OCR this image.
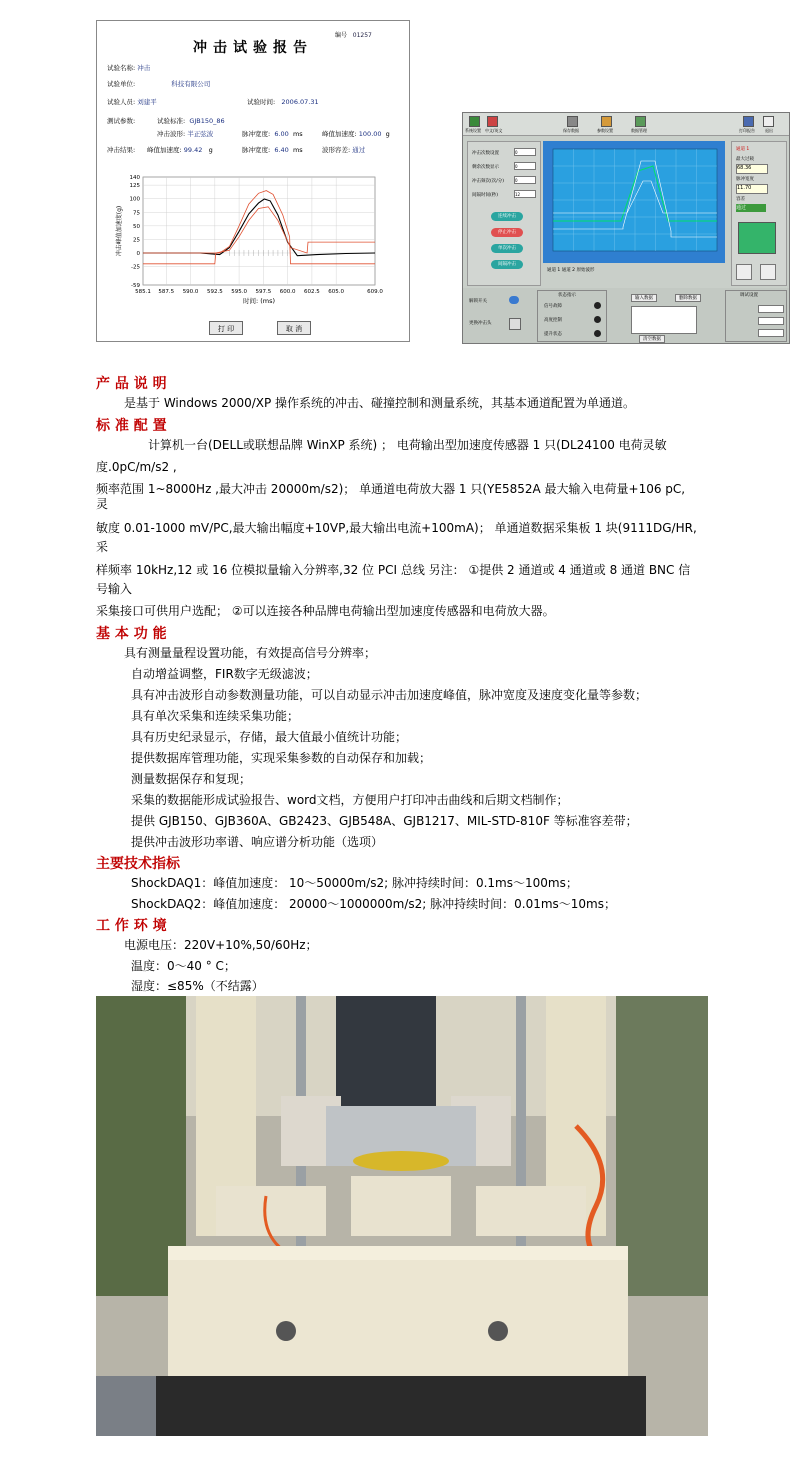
冲击试验报告
编号 01257
试验名称: 冲击
试验单位:	科技有限公司
试验人员: 刘建平	试验时间: 2006.07.31
测试参数:	试验标准: GJB150_86
冲击波形: 半正弦波	脉冲宽度: 6.00 ms	峰值加速度: 100.00 g
冲击结果: 峰值加速度: 99.42 g	脉冲宽度: 6.40 ms	波形容差: 通过
140
125
100
75
50
25
0
-25
-59
585.1 587.5 590.0 592.5 595.0 597.5 600.0 602.5 605.0	609.0
时间: (ms)
冲击峰值加速度(g)
打 印	取 消
系统设置 中文/英文	保存数据	参数设置	数据管理	打印报告	退出
冲击次数设置	0
剩余次数显示	0
冲击频次(次/分)	0
间隔时间(秒)	12
连续冲击
停止冲击
单次冲击
间隔冲击
通道 1 通道 2 原始波形
通道 1
最大过载
68.36
脉冲宽度
11.70
容差
通过
解锁开关
更换冲击头
状态指示
信号故障
高度控制
提升状态
输入数据	删除数据
清空数据
调试设置
产 品 说 明
是基于 Windows 2000/XP 操作系统的冲击、碰撞控制和测量系统，其基本通道配置为单通道。
标 准 配 置
计算机一台(DELL或联想品牌 WinXP 系统) ； 电荷输出型加速度传感器 1 只(DL24100 电荷灵敏
度.0pC/m/s2 ,
频率范围 1~8000Hz ,最大冲击 20000m/s2)； 单通道电荷放大器 1 只(YE5852A 最大输入电荷量+106 pC,
灵
敏度 0.01-1000 mV/PC,最大输出幅度+10VP,最大输出电流+100mA)； 单通道数据采集板 1 块(9111DG/HR,
采
样频率 10kHz,12 或 16 位模拟量输入分辨率,32 位 PCI 总线 另注： ①提供 2 通道或 4 通道或 8 通道 BNC 信
号输入
采集接口可供用户选配； ②可以连接各种品牌电荷输出型加速度传感器和电荷放大器。
基 本 功 能
具有测量量程设置功能，有效提高信号分辨率；
自动增益调整，FIR数字无级滤波；
具有冲击波形自动参数测量功能，可以自动显示冲击加速度峰值，脉冲宽度及速度变化量等参数；
具有单次采集和连续采集功能；
具有历史纪录显示，存储，最大值最小值统计功能；
提供数据库管理功能，实现采集参数的自动保存和加载；
测量数据保存和复现；
采集的数据能形成试验报告、word文档，方便用户打印冲击曲线和后期文档制作；
提供 GJB150、GJB360A、GB2423、GJB548A、GJB1217、MIL-STD-810F 等标准容差带；
提供冲击波形功率谱、响应谱分析功能（选项）
主要技术指标
ShockDAQ1：峰值加速度： 10～50000m/s2; 脉冲持续时间：0.1ms～100ms；
ShockDAQ2：峰值加速度： 20000～1000000m/s2; 脉冲持续时间：0.01ms～10ms；
工 作 环 境
电源电压：220V+10%,50/60Hz；
温度：0～40 ° C；
湿度：≤85%（不结露）
